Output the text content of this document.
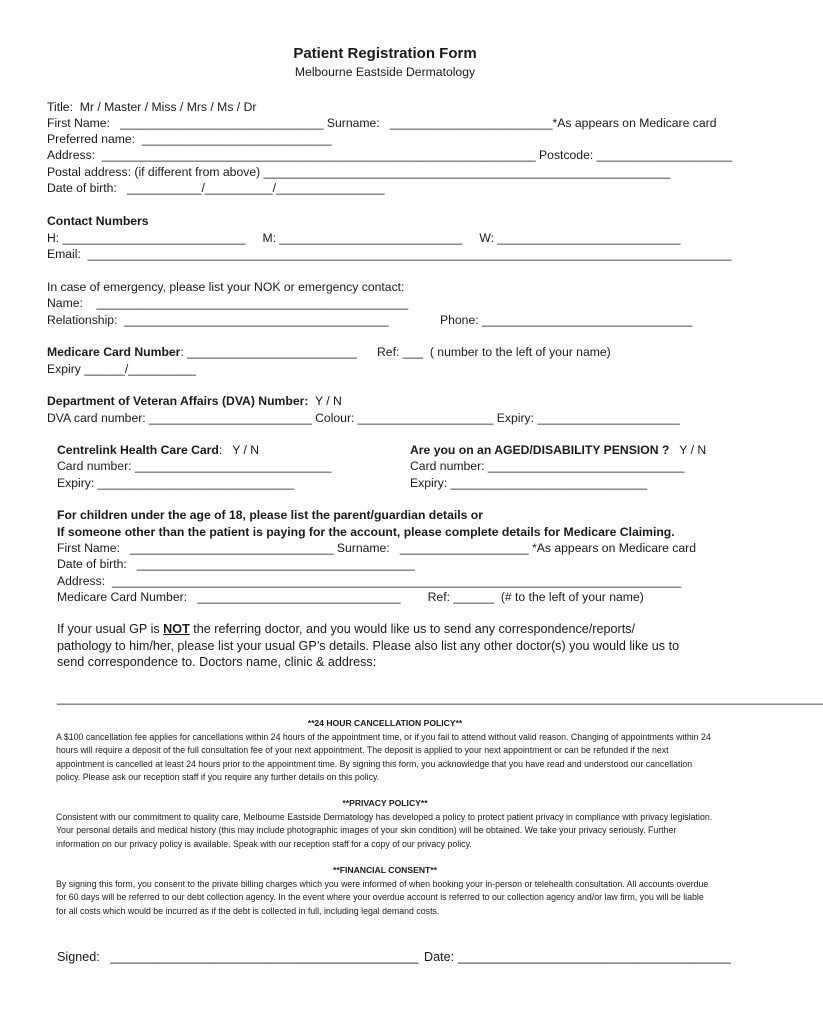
Patient Registration Form
Melbourne Eastside Dermatology
Title:  Mr / Master / Miss / Mrs / Ms / Dr
First Name:   ______________________________ Surname:   ________________________*As appears on Medicare card
Preferred name:  ____________________________
Address:  ________________________________________________________________ Postcode: ____________________
Postal address: (if different from above) ____________________________________________________________
Date of birth:   ___________/__________/________________
Contact Numbers
H: ___________________________     M: ___________________________     W: ___________________________
Email:  _______________________________________________________________________________________________
In case of emergency, please list your NOK or emergency contact:
Name:    ______________________________________________
Relationship:  _______________________________________	Phone: _______________________________
Medicare Card Number: _________________________ Ref: ___  ( number to the left of your name)
Expiry ______/__________
Department of Veteran Affairs (DVA) Number:  Y / N
DVA card number: ________________________ Colour: ____________________ Expiry: _____________________
Centrelink Health Care Card:   Y / N
Card number: _____________________________
Expiry: _____________________________
Are you on an AGED/DISABILITY PENSION ?   Y / N
Card number: _____________________________
Expiry: _____________________________
For children under the age of 18, please list the parent/guardian details or
If someone other than the patient is paying for the account, please complete details for Medicare Claiming.
First Name:   ______________________________ Surname:   ___________________ *As appears on Medicare card
Date of birth:   _________________________________________
Address:  ____________________________________________________________________________________
Medicare Card Number:   ______________________________        Ref: ______  (# to the left of your name)
If your usual GP is NOT the referring doctor, and you would like us to send any correspondence/reports/
pathology to him/her, please list your usual GP’s details. Please also list any other doctor(s) you would like us to
send correspondence to. Doctors name, clinic & address:
_________________________________________________________________________________________________________________
**24 HOUR CANCELLATION POLICY**
A $100 cancellation fee applies for cancellations within 24 hours of the appointment time, or if you fail to attend without valid reason. Changing of appointments within 24 hours will require a deposit of the full consultation fee of your next appointment. The deposit is applied to your next appointment or can be refunded if the next appointment is cancelled at least 24 hours prior to the appointment time. By signing this form, you acknowledge that you have read and understood our cancellation policy. Please ask our reception staff if you require any further details on this policy.
**PRIVACY POLICY**
Consistent with our commitment to quality care, Melbourne Eastside Dermatology has developed a policy to protect patient privacy in compliance with privacy legislation. Your personal details and medical history (this may include photographic images of your skin condition) will be obtained. We take your privacy seriously. Further information on our privacy policy is available. Speak with our reception staff for a copy of our privacy policy.
**FINANCIAL CONSENT**
By signing this form, you consent to the private billing charges which you were informed of when booking your in-person or telehealth consultation. All accounts overdue for 60 days will be referred to our debt collection agency. In the event where your overdue account is referred to our collection agency and/or law firm, you will be liable for all costs which would be incurred as if the debt is collected in full, including legal demand costs.
Signed:   ____________________________________________ Date: _______________________________________
